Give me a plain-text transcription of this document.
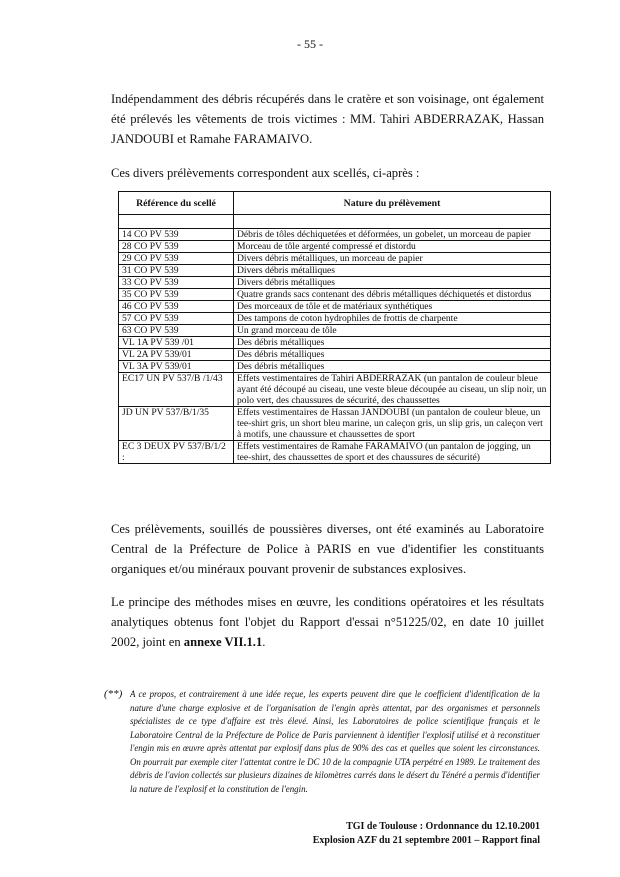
- 55 -

Indépendamment des débris récupérés dans le cratère et son voisinage, ont également été prélevés les vêtements de trois victimes : MM. Tahiri ABDERRAZAK, Hassan JANDOUBI et Ramahe FARAMAIVO.

Ces divers prélèvements correspondent aux scellés, ci-après :

Référence du scellé	Nature du prélèvement

14 CO PV 539	Débris de tôles déchiquetées et déformées, un gobelet, un morceau de papier
28 CO PV 539	Morceau de tôle argenté compressé et distordu
29 CO PV 539	Divers débris métalliques, un morceau de papier
31 CO PV 539	Divers débris métalliques
33 CO PV 539	Divers débris métalliques
35 CO PV 539	Quatre grands sacs contenant des débris métalliques déchiquetés et distordus
46 CO PV 539	Des morceaux de tôle et de matériaux synthétiques
57 CO PV 539	Des tampons de coton hydrophiles de frottis de charpente
63 CO PV 539	Un grand morceau de tôle
VL 1A PV 539 /01	Des débris métalliques
VL 2A PV 539/01	Des débris métalliques
VL 3A PV 539/01	Des débris métalliques
EC17 UN PV 537/B /1/43	Effets vestimentaires de Tahiri ABDERRAZAK (un pantalon de couleur bleue ayant été découpé au ciseau, une veste bleue découpée au ciseau, un slip noir, un polo vert, des chaussures de sécurité, des chaussettes
JD UN PV 537/B/1/35	Effets vestimentaires de Hassan JANDOUBI (un pantalon de couleur bleue, un tee-shirt gris, un short bleu marine, un caleçon gris, un slip gris, un caleçon vert à motifs, une chaussure et chaussettes de sport
EC 3 DEUX PV 537/B/1/2 :	Effets vestimentaires de Ramahe FARAMAIVO (un pantalon de jogging, un tee-shirt, des chaussettes de sport et des chaussures de sécurité)

Ces prélèvements, souillés de poussières diverses, ont été examinés au Laboratoire Central de la Préfecture de Police à PARIS en vue d'identifier les constituants organiques et/ou minéraux pouvant provenir de substances explosives.

Le principe des méthodes mises en œuvre, les conditions opératoires et les résultats analytiques obtenus font l'objet du Rapport d'essai n°51225/02, en date 10 juillet 2002, joint en annexe VII.1.1.

(**) A ce propos, et contrairement à une idée reçue, les experts peuvent dire que le coefficient d'identification de la nature d'une charge explosive et de l'organisation de l'engin après attentat, par des organismes et personnels spécialistes de ce type d'affaire est très élevé. Ainsi, les Laboratoires de police scientifique français et le Laboratoire Central de la Préfecture de Police de Paris parviennent à identifier l'explosif utilisé et à reconstituer l'engin mis en œuvre après attentat par explosif dans plus de 90% des cas et quelles que soient les circonstances. On pourrait par exemple citer l'attentat contre le DC 10 de la compagnie UTA perpétré en 1989. Le traitement des débris de l'avion collectés sur plusieurs dizaines de kilomètres carrés dans le désert du Ténéré a permis d'identifier la nature de l'explosif et la constitution de l'engin.

TGI de Toulouse : Ordonnance du 12.10.2001
Explosion AZF du 21 septembre 2001 – Rapport final
